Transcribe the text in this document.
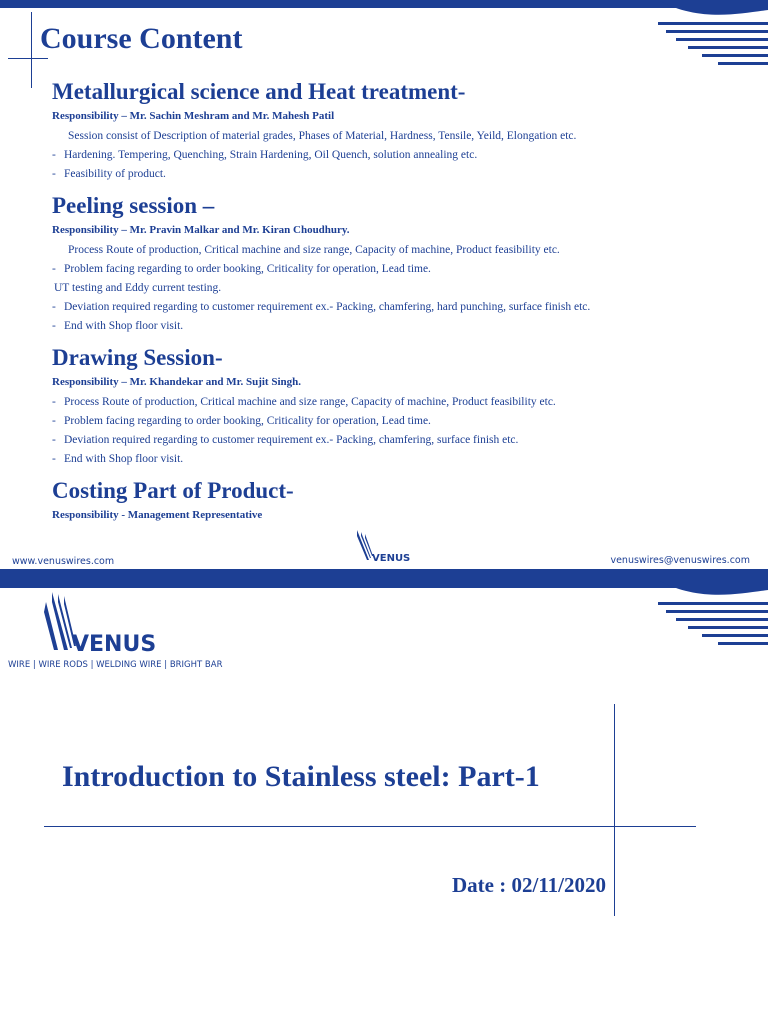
Course Content
Metallurgical science and Heat treatment-
Responsibility – Mr. Sachin Meshram and Mr. Mahesh Patil
Session consist of Description of material grades, Phases of Material, Hardness, Tensile, Yeild, Elongation etc.
- Hardening. Tempering, Quenching, Strain Hardening, Oil Quench, solution annealing etc.
- Feasibility of product.
Peeling session –
Responsibility – Mr. Pravin Malkar and Mr. Kiran Choudhury.
Process Route of production, Critical machine and size range, Capacity of machine, Product feasibility etc.
- Problem facing regarding to order booking, Criticality for operation, Lead time.
UT testing and Eddy current testing.
- Deviation required regarding to customer requirement ex.- Packing, chamfering, hard punching, surface finish etc.
- End with Shop floor visit.
Drawing Session-
Responsibility – Mr. Khandekar and Mr. Sujit Singh.
- Process Route of production, Critical machine and size range, Capacity of machine, Product feasibility etc.
- Problem facing regarding to order booking, Criticality for operation, Lead time.
- Deviation required regarding to customer requirement ex.- Packing, chamfering, surface finish etc.
- End with Shop floor visit.
Costing Part of Product-
Responsibility - Management Representative
www.venuswires.com	VENUS	venuswires@venuswires.com
VENUS
WIRE | WIRE RODS | WELDING WIRE | BRIGHT BAR
Introduction to Stainless steel: Part-1
Date : 02/11/2020
